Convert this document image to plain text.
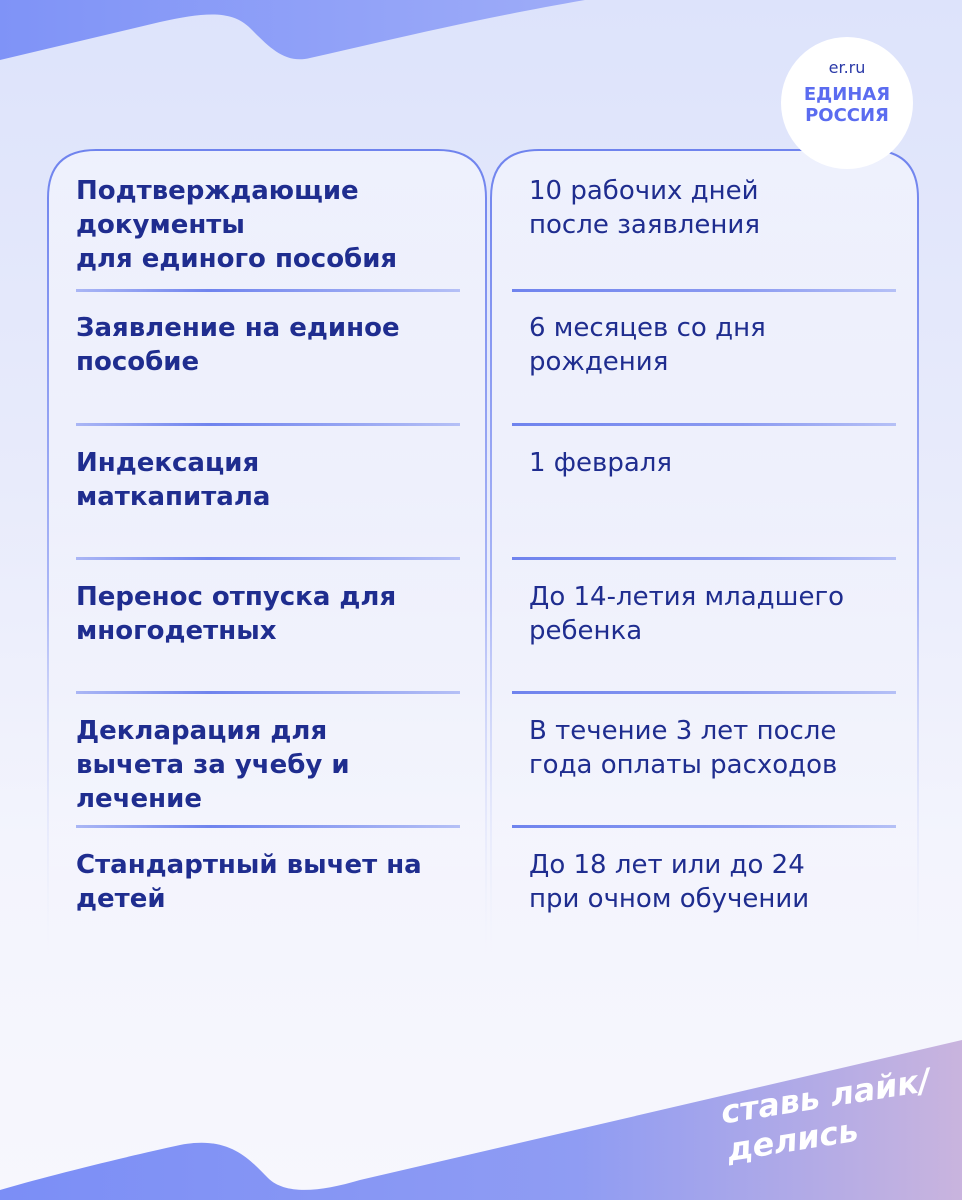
er.ru
ЕДИНАЯ
РОССИЯ
Подтверждающие
документы
для единого пособия
10 рабочих дней
после заявления
Заявление на единое
пособие
6 месяцев со дня
рождения
Индексация
маткапитала
1 февраля
Перенос отпуска для
многодетных
До 14-летия младшего
ребенка
Декларация для
вычета за учебу и
лечение
В течение 3 лет после
года оплаты расходов
Стандартный вычет на
детей
До 18 лет или до 24
при очном обучении
ставь лайк/
делись
